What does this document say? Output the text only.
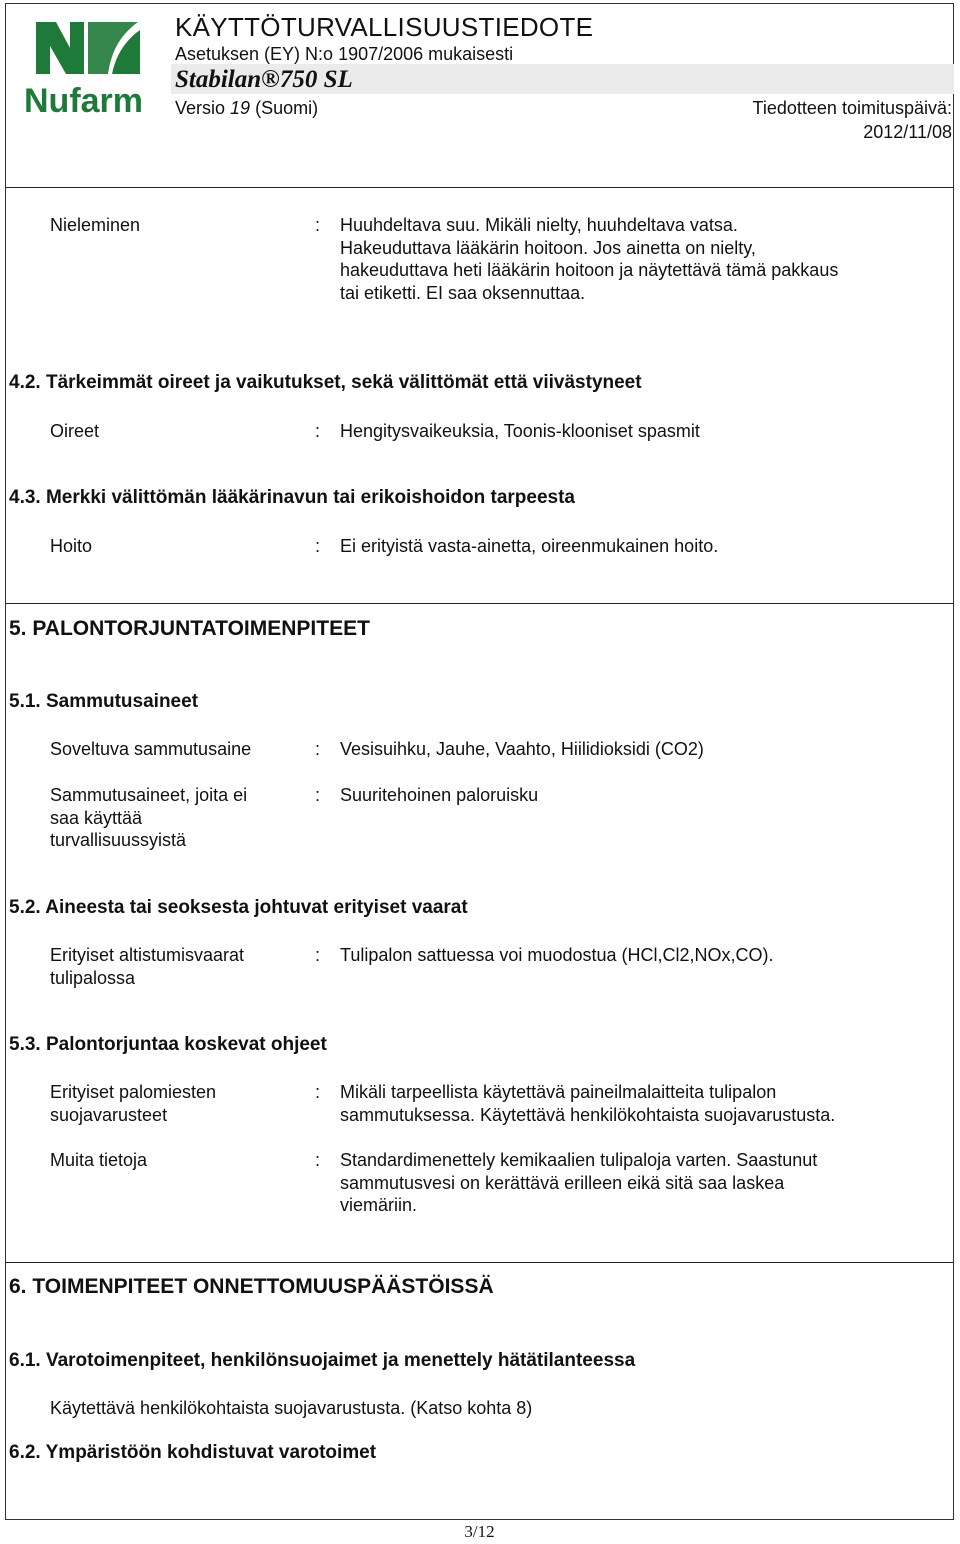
Nufarm
KÄYTTÖTURVALLISUUSTIEDOTE
Asetuksen (EY) N:o 1907/2006 mukaisesti
Stabilan®750 SL
Versio 19 (Suomi)	Tiedotteen toimituspäivä:
2012/11/08
Nieleminen	: Huuhdeltava suu. Mikäli nielty, huuhdeltava vatsa.
Hakeuduttava lääkärin hoitoon. Jos ainetta on nielty,
hakeuduttava heti lääkärin hoitoon ja näytettävä tämä pakkaus
tai etiketti. EI saa oksennuttaa.
4.2. Tärkeimmät oireet ja vaikutukset, sekä välittömät että viivästyneet
Oireet	: Hengitysvaikeuksia, Toonis-klooniset spasmit
4.3. Merkki välittömän lääkärinavun tai erikoishoidon tarpeesta
Hoito	: Ei erityistä vasta-ainetta, oireenmukainen hoito.
5. PALONTORJUNTATOIMENPITEET
5.1. Sammutusaineet
Soveltuva sammutusaine	: Vesisuihku, Jauhe, Vaahto, Hiilidioksidi (CO2)
Sammutusaineet, joita ei
saa käyttää
turvallisuussyistä
: Suuritehoinen paloruisku
5.2. Aineesta tai seoksesta johtuvat erityiset vaarat
Erityiset altistumisvaarat
tulipalossa
: Tulipalon sattuessa voi muodostua (HCl,Cl2,NOx,CO).
5.3. Palontorjuntaa koskevat ohjeet
Erityiset palomiesten
suojavarusteet
: Mikäli tarpeellista käytettävä paineilmalaitteita tulipalon
sammutuksessa. Käytettävä henkilökohtaista suojavarustusta.
Muita tietoja	: Standardimenettely kemikaalien tulipaloja varten. Saastunut
sammutusvesi on kerättävä erilleen eikä sitä saa laskea
viemäriin.
6. TOIMENPITEET ONNETTOMUUSPÄÄSTÖISSÄ
6.1. Varotoimenpiteet, henkilönsuojaimet ja menettely hätätilanteessa
Käytettävä henkilökohtaista suojavarustusta. (Katso kohta 8)
6.2. Ympäristöön kohdistuvat varotoimet
3/12
